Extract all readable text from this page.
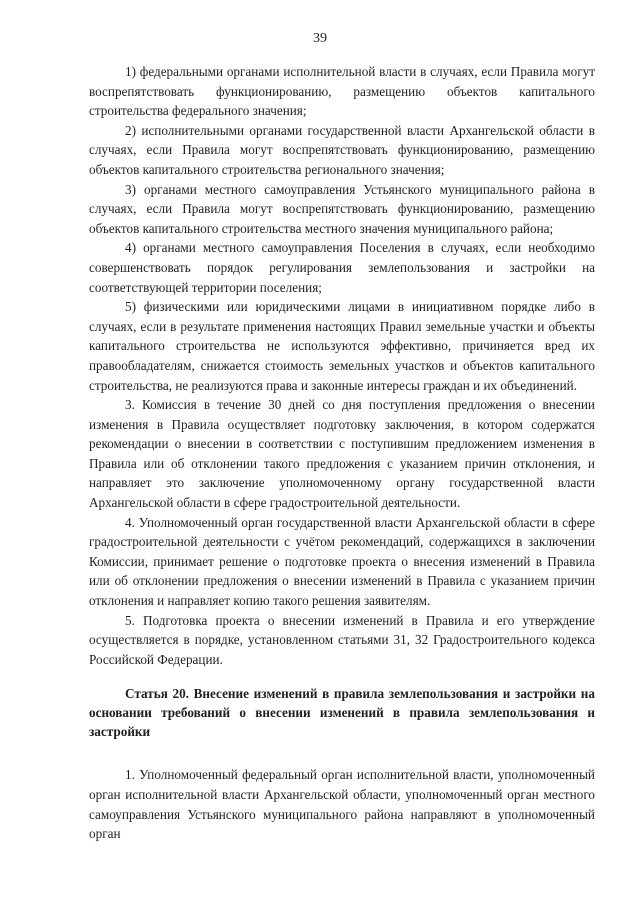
39

1) федеральными органами исполнительной власти в случаях, если Правила могут воспрепятствовать функционированию, размещению объектов капитального строительства федерального значения;

2) исполнительными органами государственной власти Архангельской области в случаях, если Правила могут воспрепятствовать функционированию, размещению объектов капитального строительства регионального значения;

3) органами местного самоуправления Устьянского муниципального района в случаях, если Правила могут воспрепятствовать функционированию, размещению объектов капитального строительства местного значения муниципального района;

4) органами местного самоуправления Поселения в случаях, если необходимо совершенствовать порядок регулирования землепользования и застройки на соответствующей территории поселения;

5) физическими или юридическими лицами в инициативном порядке либо в случаях, если в результате применения настоящих Правил земельные участки и объекты капитального строительства не используются эффективно, причиняется вред их правообладателям, снижается стоимость земельных участков и объектов капитального строительства, не реализуются права и законные интересы граждан и их объединений.

3. Комиссия в течение 30 дней со дня поступления предложения о внесении изменения в Правила осуществляет подготовку заключения, в котором содержатся рекомендации о внесении в соответствии с поступившим предложением изменения в Правила или об отклонении такого предложения с указанием причин отклонения, и направляет это заключение уполномоченному органу государственной власти Архангельской области в сфере градостроительной деятельности.

4. Уполномоченный орган государственной власти Архангельской области в сфере градостроительной деятельности с учётом рекомендаций, содержащихся в заключении Комиссии, принимает решение о подготовке проекта о внесения изменений в Правила или об отклонении предложения о внесении изменений в Правила с указанием причин отклонения и направляет копию такого решения заявителям.

5. Подготовка проекта о внесении изменений в Правила и его утверждение осуществляется в порядке, установленном статьями 31, 32 Градостроительного кодекса Российской Федерации.

Статья 20. Внесение изменений в правила землепользования и застройки на основании требований о внесении изменений в правила землепользования и застройки

1. Уполномоченный федеральный орган исполнительной власти, уполномоченный орган исполнительной власти Архангельской области, уполномоченный орган местного самоуправления Устьянского муниципального района направляют в уполномоченный орган
